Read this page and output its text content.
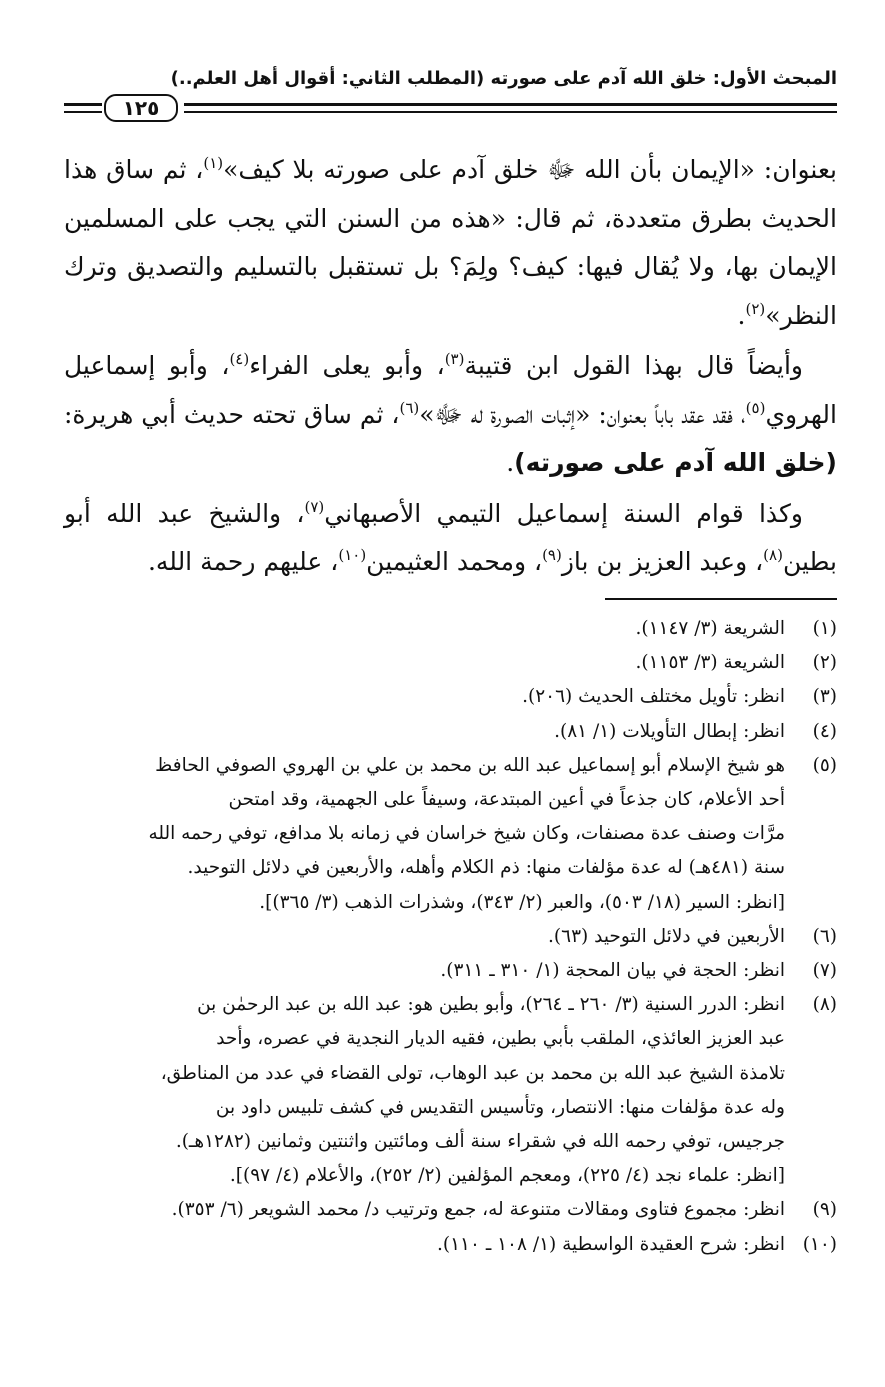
المبحث الأول: خلق الله آدم على صورته (المطلب الثاني: أقوال أهل العلم..)
١٢٥

بعنوان: «الإيمان بأن الله ﷻ خلق آدم على صورته بلا كيف»$^{(١)}$، ثم ساق هذا الحديث بطرق متعددة، ثم قال: «هذه من السنن التي يجب على المسلمين الإيمان بها، ولا يُقال فيها: كيف؟ ولِمَ؟ بل تستقبل بالتسليم والتصديق وترك النظر»$^{(٢)}$.

وأيضاً قال بهذا القول ابن قتيبة$^{(٣)}$، وأبو يعلى الفراء$^{(٤)}$، وأبو إسماعيل الهروي$^{(٥)}$، فقد عقد باباً بعنوان: «إثبات الصورة له ﷻ»$^{(٦)}$، ثم ساق تحته حديث أبي هريرة: (خلق الله آدم على صورته).

وكذا قوام السنة إسماعيل التيمي الأصبهاني$^{(٧)}$، والشيخ عبد الله أبو بطين$^{(٨)}$، وعبد العزيز بن باز$^{(٩)}$، ومحمد العثيمين$^{(١٠)}$، عليهم رحمة الله.

(١)
الشريعة (٣/ ١١٤٧).
(٢)
الشريعة (٣/ ١١٥٣).
(٣)
انظر: تأويل مختلف الحديث (٢٠٦).
(٤)
انظر: إبطال التأويلات (١/ ٨١).
(٥)
هو شيخ الإسلام أبو إسماعيل عبد الله بن محمد بن علي بن الهروي الصوفي الحافظ
أحد الأعلام، كان جذعاً في أعين المبتدعة، وسيفاً على الجهمية، وقد امتحن
مرَّات وصنف عدة مصنفات، وكان شيخ خراسان في زمانه بلا مدافع، توفي رحمه الله
سنة (٤٨١هـ) له عدة مؤلفات منها: ذم الكلام وأهله، والأربعين في دلائل التوحيد.
[انظر: السير (١٨/ ٥٠٣)، والعبر (٢/ ٣٤٣)، وشذرات الذهب (٣/ ٣٦٥)].
(٦)
الأربعين في دلائل التوحيد (٦٣).
(٧)
انظر: الحجة في بيان المحجة (١/ ٣١٠ ـ ٣١١).
(٨)
انظر: الدرر السنية (٣/ ٢٦٠ ـ ٢٦٤)، وأبو بطين هو: عبد الله بن عبد الرحمٰن بن
عبد العزيز العائذي، الملقب بأبي بطين، فقيه الديار النجدية في عصره، وأحد
تلامذة الشيخ عبد الله بن محمد بن عبد الوهاب، تولى القضاء في عدد من المناطق،
وله عدة مؤلفات منها: الانتصار، وتأسيس التقديس في كشف تلبيس داود بن
جرجيس، توفي رحمه الله في شقراء سنة ألف ومائتين واثنتين وثمانين (١٢٨٢هـ).
[انظر: علماء نجد (٤/ ٢٢٥)، ومعجم المؤلفين (٢/ ٢٥٢)، والأعلام (٤/ ٩٧)].
(٩)
انظر: مجموع فتاوى ومقالات متنوعة له، جمع وترتيب د/ محمد الشويعر (٦/ ٣٥٣).
(١٠)
انظر: شرح العقيدة الواسطية (١/ ١٠٨ ـ ١١٠).
